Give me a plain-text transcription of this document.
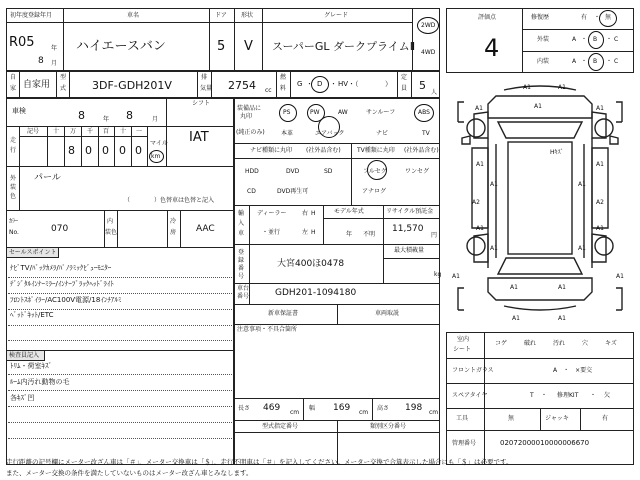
初年度登録年月
R05	年
8 月
車名
ハイエースバン
ドア
5
形状
V
グレード
スーパーGL ダークプライムⅡ
2WD
4WD
自
家 自家用
型
式 3DF-GDH201V
排
気量 2754 cc
燃
料
G ・ D ・ HV・（	）
定
員 5
人
車検	8	年 8	月
シフト
IAT
走
行
記号 十 万 千 百 十 一
8 0 0 0 0
マイル
km
外
装
色
パール
（	）色替車は色替と記入
ｶﾗｰ
No.	070
内
装色
冷
房 AAC
セールスポイント
ﾅﾋﾞTV/ﾊﾞｯｸｶﾒﾗ/ﾊﾟﾉﾗﾐｯｸﾋﾞｭｰﾓﾆﾀｰ
ﾃﾞｼﾞﾀﾙｲﾝﾅｰﾐﾗｰ/ｲﾝﾅｰﾌﾞﾗｯｸﾍｯﾄﾞﾗｲﾄ
ﾌﾛﾝﾄｽﾎﾟｲﾗｰ/AC100V電源/18ｲﾝﾁｱﾙﾐ
ﾍﾞｯﾄﾞｷｯﾄ/ETC
検査員記入
ﾄﾘﾑ・荷室ｷｽﾞ
ﾙｰﾑ内汚れ動物の毛
各ｷｽﾞ凹
装備品に
丸印
(純正のみ)
PS	PW	AW	サンルーフ	ABS
本革	エアバック	ナビ	TV
ナビ種類に丸印 (社外品含む)	TV種類に丸印 (社外品含む)
HDD	DVD	SD
CD	DVD再生可
フルセグ	ワンセグ
アナログ
輸
入
車
ディーラー
・並行
右 H
左 H
モデル年式
年 不明
リサイクル預託金
11,570
円
登
録
番
号
大宮400ほ0478
最大積載量
kg
車台
番号	GDH201-1094180
新車保証書	車両取説
注意事項・不具合箇所
長さ 469 cm
幅 169 cm
高さ 198 cm
型式指定番号	類別区分番号
評価点
4
修復歴	有 ・ 無
外装	A ・ B ・ C
内装	A ・ B ・ C
A1	A1
A1
A1	A1
A2	A2
A1	A1
A1	A1
A1	A1
A1	A1
A1	A1
A1	A1
A1	A1
Hｷｽﾞ
室内
シート
コゲ	破れ	汚れ	穴	キズ
フロントガラス	A　・　×要交
スペアタイヤ	T ・ 修理KIT ・ 欠
工具	無	ジャッキ	有
管理番号	02072000010000006670
走行距離の記号欄にメーター改ざん車は「＃」、メーター交換車は「＄」、走行不明車は「＃」を記入してください。メーター交換で合算表示した場合にも「＄」は必要です。
また、メーター交換の条件を満たしていないものはメーター改ざん車とみなします。
